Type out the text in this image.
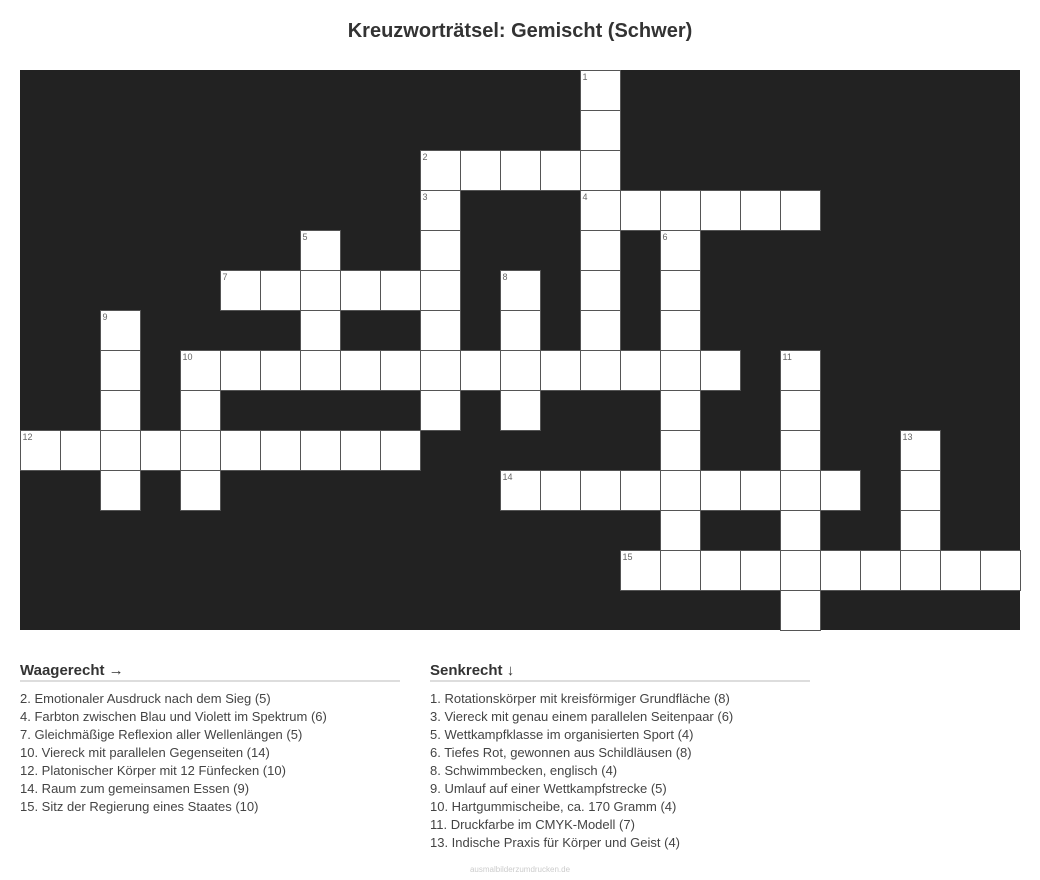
Kreuzworträtsel: Gemischt (Schwer)
1
4
2
3
5	6
7	8
9
10	11
12	13
14
15
Waagerecht →
2. Emotionaler Ausdruck nach dem Sieg (5)
4. Farbton zwischen Blau und Violett im Spektrum (6)
7. Gleichmäßige Reflexion aller Wellenlängen (5)
10. Viereck mit parallelen Gegenseiten (14)
12. Platonischer Körper mit 12 Fünfecken (10)
14. Raum zum gemeinsamen Essen (9)
15. Sitz der Regierung eines Staates (10)
Senkrecht ↓
1. Rotationskörper mit kreisförmiger Grundfläche (8)
3. Viereck mit genau einem parallelen Seitenpaar (6)
5. Wettkampfklasse im organisierten Sport (4)
6. Tiefes Rot, gewonnen aus Schildläusen (8)
8. Schwimmbecken, englisch (4)
9. Umlauf auf einer Wettkampfstrecke (5)
10. Hartgummischeibe, ca. 170 Gramm (4)
11. Druckfarbe im CMYK-Modell (7)
13. Indische Praxis für Körper und Geist (4)
ausmalbilderzumdrucken.de
